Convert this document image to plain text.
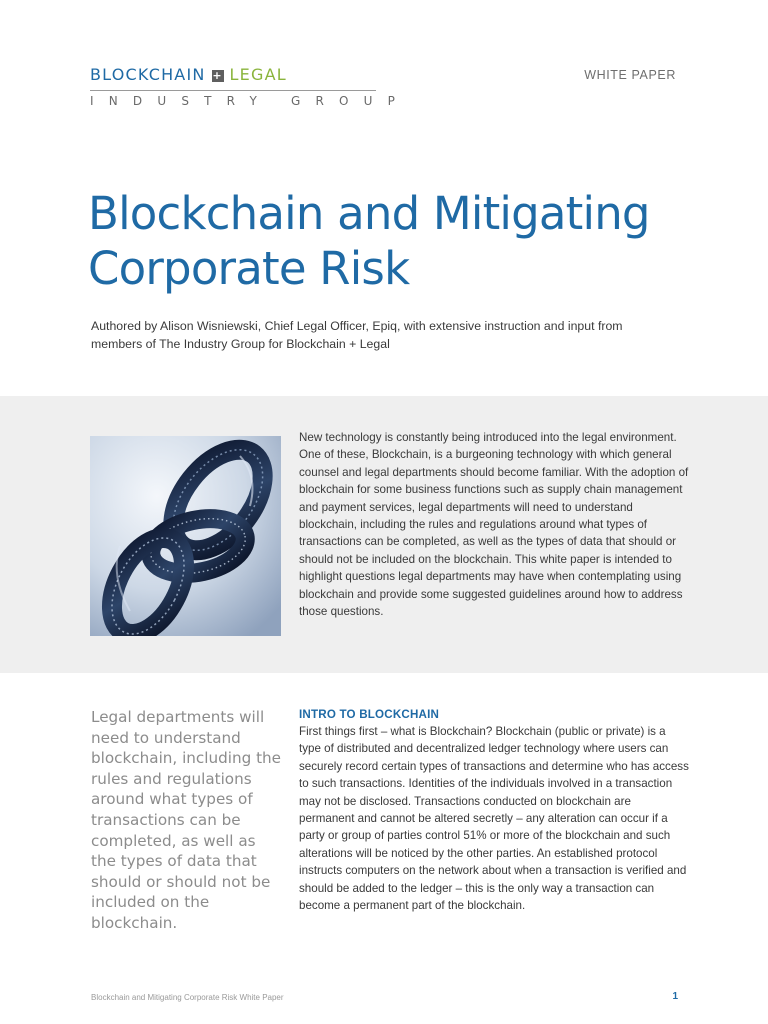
BLOCKCHAIN + LEGAL
INDUSTRY GROUP
WHITE PAPER
Blockchain and Mitigating
Corporate Risk
Authored by Alison Wisniewski, Chief Legal Officer, Epiq, with extensive instruction and input from members of The Industry Group for Blockchain + Legal
New technology is constantly being introduced into the legal environment. One of these, Blockchain, is a burgeoning technology with which general counsel and legal departments should become familiar. With the adoption of blockchain for some business functions such as supply chain management and payment services, legal departments will need to understand blockchain, including the rules and regulations around what types of transactions can be completed, as well as the types of data that should or should not be included on the blockchain. This white paper is intended to highlight questions legal departments may have when contemplating using blockchain and provide some suggested guidelines around how to address those questions.
Legal departments will need to understand blockchain, including the rules and regulations around what types of transactions can be completed, as well as the types of data that should or should not be included on the blockchain.
INTRO TO BLOCKCHAIN
First things first – what is Blockchain? Blockchain (public or private) is a type of distributed and decentralized ledger technology where users can securely record certain types of transactions and determine who has access to such transactions. Identities of the individuals involved in a transaction may not be disclosed. Transactions conducted on blockchain are permanent and cannot be altered secretly – any alteration can occur if a party or group of parties control 51% or more of the blockchain and such alterations will be noticed by the other parties. An established protocol instructs computers on the network about when a transaction is verified and should be added to the ledger – this is the only way a transaction can become a permanent part of the blockchain.
Blockchain and Mitigating Corporate Risk White Paper	1
